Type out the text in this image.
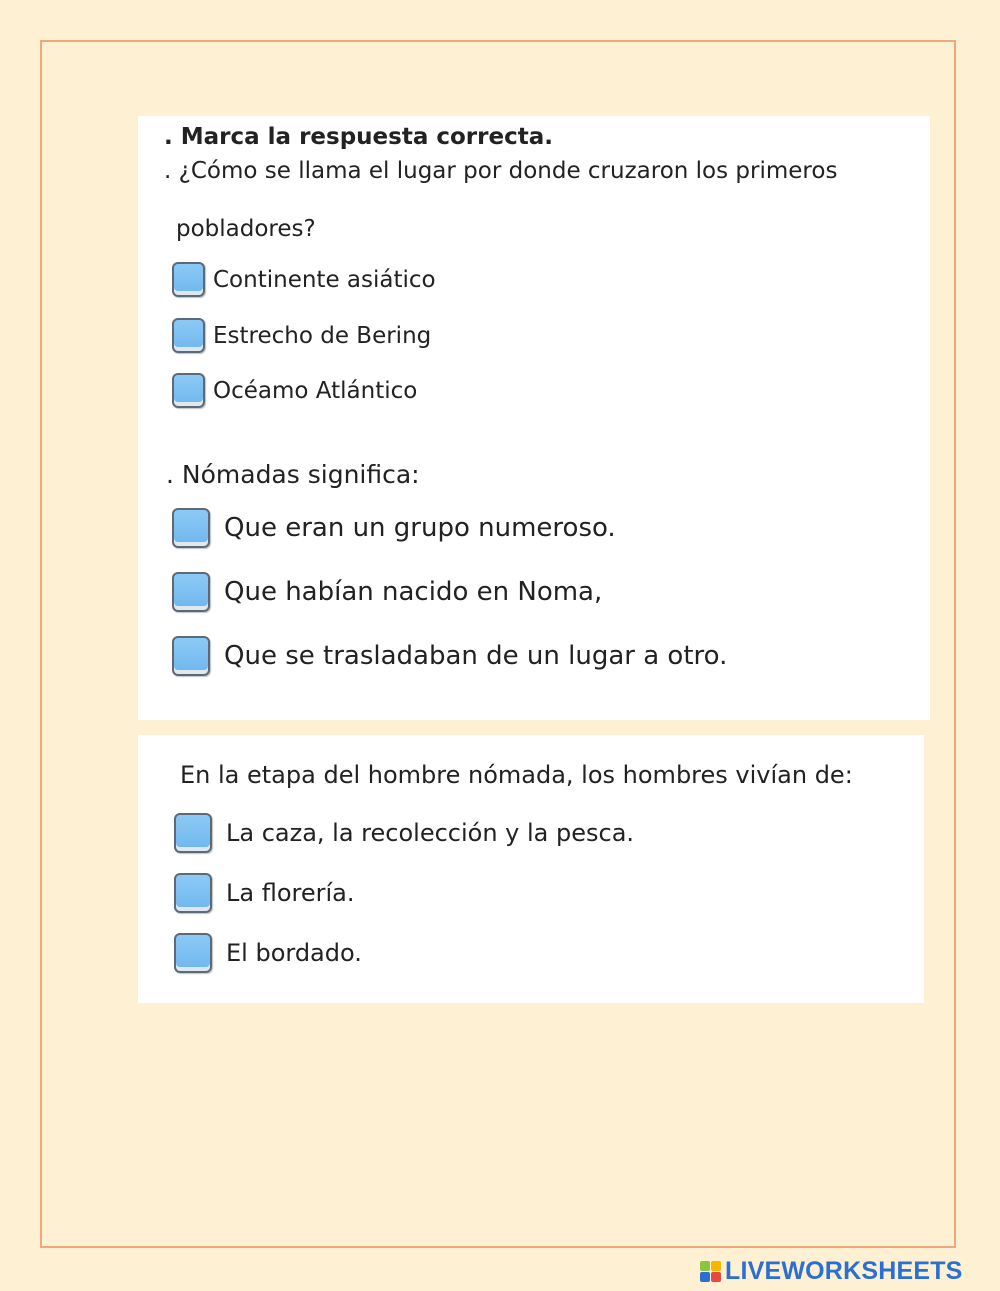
. Marca la respuesta correcta.
. ¿Cómo se llama el lugar por donde cruzaron los primeros
pobladores?
Continente asiático
Estrecho de Bering
Océamo Atlántico
. Nómadas significa:
Que eran un grupo numeroso.
Que habían nacido en Noma,
Que se trasladaban de un lugar a otro.
En la etapa del hombre nómada, los hombres vivían de:
La caza, la recolección y la pesca.
La florería.
El bordado.
LIVEWORKSHEETS
